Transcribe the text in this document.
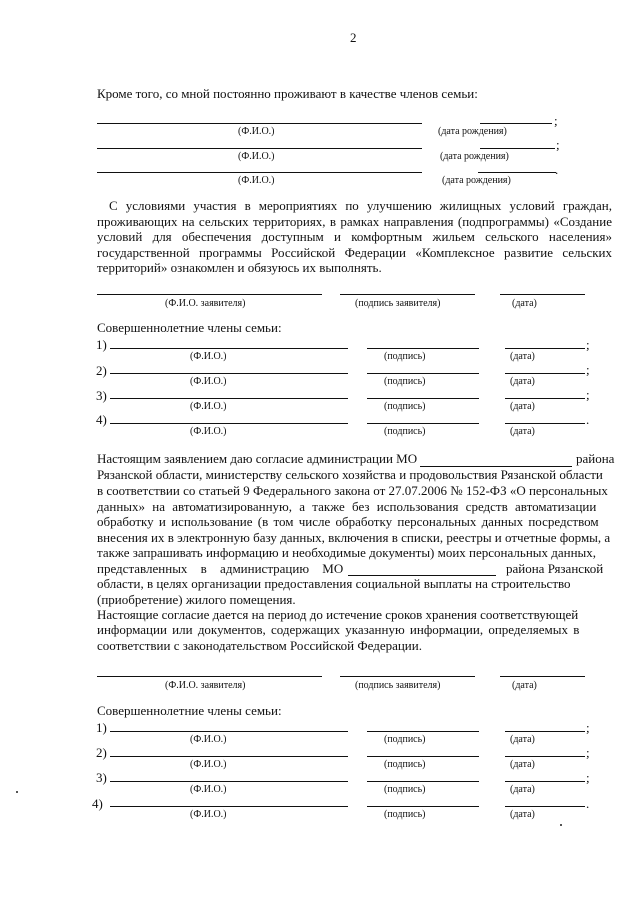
2
Кроме того, со мной постоянно проживают в качестве членов семьи:
;
(Ф.И.О.)	(дата рождения)
;
(Ф.И.О.)	(дата рождения)
.
(Ф.И.О.)	(дата рождения)
С условиями участия в мероприятиях по улучшению жилищных условий граждан, проживающих на сельских территориях, в рамках направления (подпрограммы) «Создание условий для обеспечения доступным и комфортным жильем сельского населения» государственной программы Российской Федерации «Комплексное развитие сельских территорий» ознакомлен и обязуюсь их выполнять.
(Ф.И.О. заявителя)	(подпись заявителя)	(дата)
Совершеннолетние члены семьи:
1)	;
(Ф.И.О.)	(подпись)	(дата)
2)	;
(Ф.И.О.)	(подпись)	(дата)
3)	;
(Ф.И.О.)	(подпись)	(дата)
4)	.
(Ф.И.О.)	(подпись)	(дата)
Настоящим заявлением даю согласие администрации МО	района
Рязанской области, министерству сельского хозяйства и продовольствия Рязанской области
в соответствии со статьей 9 Федерального закона от 27.07.2006 № 152-ФЗ «О персональных
данных» на автоматизированную, а также без использования средств автоматизации
обработку и использование (в том числе обработку персональных данных посредством
внесения их в электронную базу данных, включения в списки, реестры и отчетные формы, а
также запрашивать информацию и необходимые документы) моих персональных данных,
представленных в администрацию МО	района Рязанской
области, в целях организации предоставления социальной выплаты на строительство
(приобретение) жилого помещения.
Настоящие согласие дается на период до истечение сроков хранения соответствующей
информации или документов, содержащих указанную информации, определяемых в
соответствии с законодательством Российской Федерации.
(Ф.И.О. заявителя)	(подпись заявителя)	(дата)
Совершеннолетние члены семьи:
1)	;
(Ф.И.О.)	(подпись)	(дата)
2)	;
(Ф.И.О.)	(подпись)	(дата)
3)	;
(Ф.И.О.)	(подпись)	(дата)
4)	.
(Ф.И.О.)	(подпись)	(дата)
